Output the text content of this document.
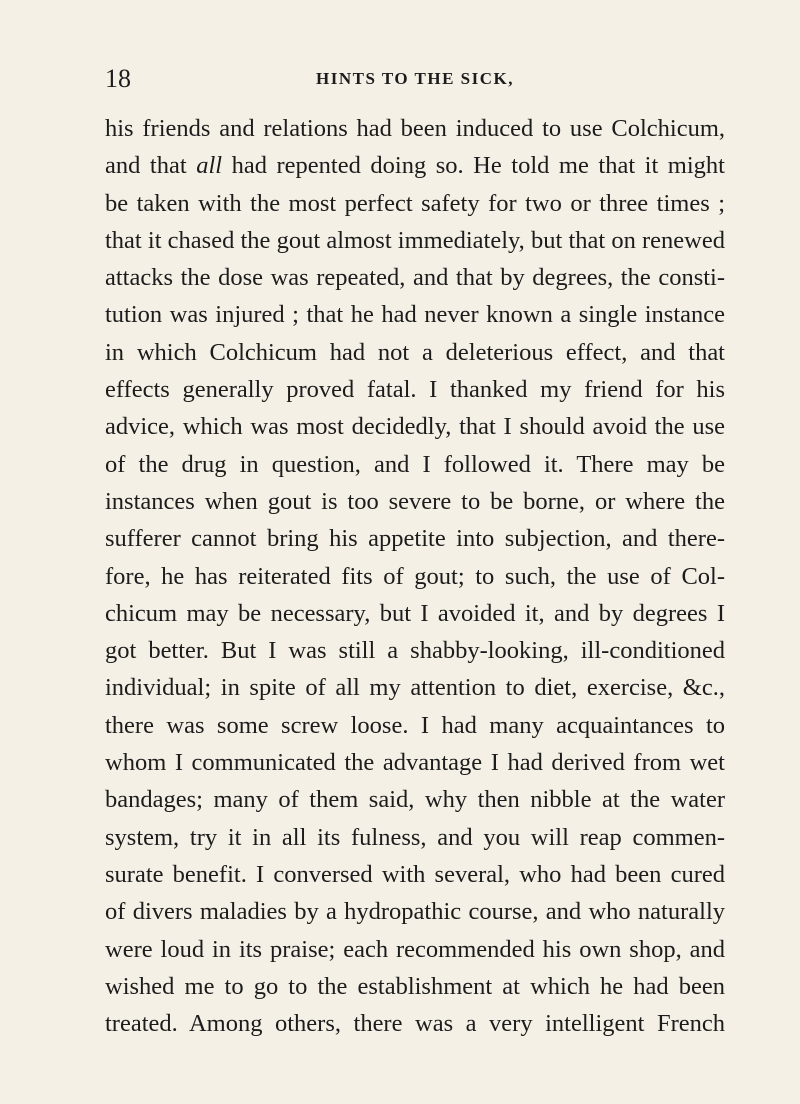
18	HINTS TO THE SICK,
his friends and relations had been induced to use Colchicum,
and that all had repented doing so. He told me that it might
be taken with the most perfect safety for two or three times ;
that it chased the gout almost immediately, but that on renewed
attacks the dose was repeated, and that by degrees, the consti-
tution was injured ; that he had never known a single instance
in which Colchicum had not a deleterious effect, and that
effects generally proved fatal. I thanked my friend for his
advice, which was most decidedly, that I should avoid the use
of the drug in question, and I followed it. There may be
instances when gout is too severe to be borne, or where the
sufferer cannot bring his appetite into subjection, and there-
fore, he has reiterated fits of gout; to such, the use of Col-
chicum may be necessary, but I avoided it, and by degrees I
got better. But I was still a shabby-looking, ill-conditioned
individual; in spite of all my attention to diet, exercise, &c.,
there was some screw loose. I had many acquaintances to
whom I communicated the advantage I had derived from wet
bandages; many of them said, why then nibble at the water
system, try it in all its fulness, and you will reap commen-
surate benefit. I conversed with several, who had been cured
of divers maladies by a hydropathic course, and who naturally
were loud in its praise; each recommended his own shop, and
wished me to go to the establishment at which he had been
treated. Among others, there was a very intelligent French
